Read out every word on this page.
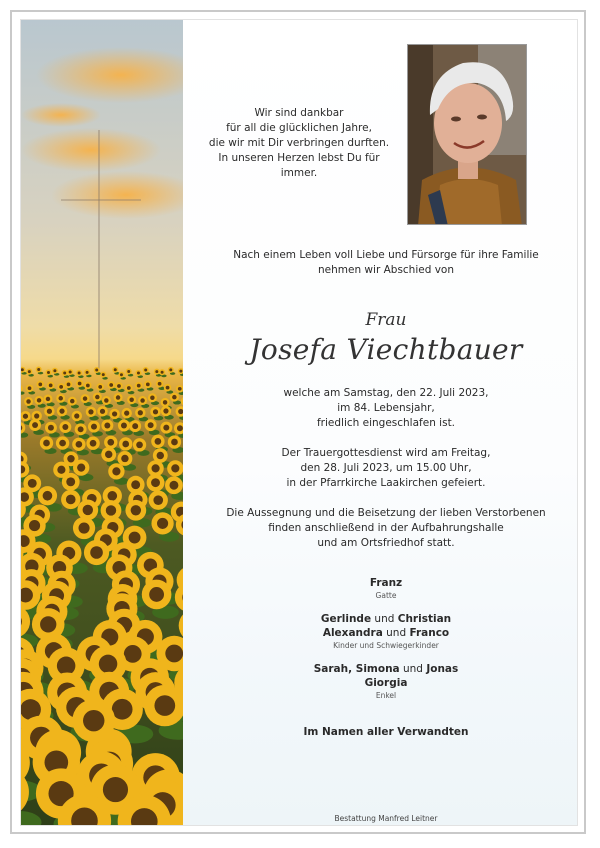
Wir sind dankbar
für all die glücklichen Jahre,
die wir mit Dir verbringen durften.
In unseren Herzen lebst Du für immer.
Nach einem Leben voll Liebe und Fürsorge für ihre Familie
nehmen wir Abschied von
Frau
Josefa Viechtbauer
welche am Samstag, den 22. Juli 2023,
im 84. Lebensjahr,
friedlich eingeschlafen ist.
Der Trauergottesdienst wird am Freitag,
den 28. Juli 2023, um 15.00 Uhr,
in der Pfarrkirche Laakirchen gefeiert.
Die Aussegnung und die Beisetzung der lieben Verstorbenen
finden anschließend in der Aufbahrungshalle
und am Ortsfriedhof statt.
Franz
Gatte
Gerlinde und Christian
Alexandra und Franco
Kinder und Schwiegerkinder
Sarah, Simona und Jonas
Giorgia
Enkel
Im Namen aller Verwandten
Bestattung Manfred Leitner
